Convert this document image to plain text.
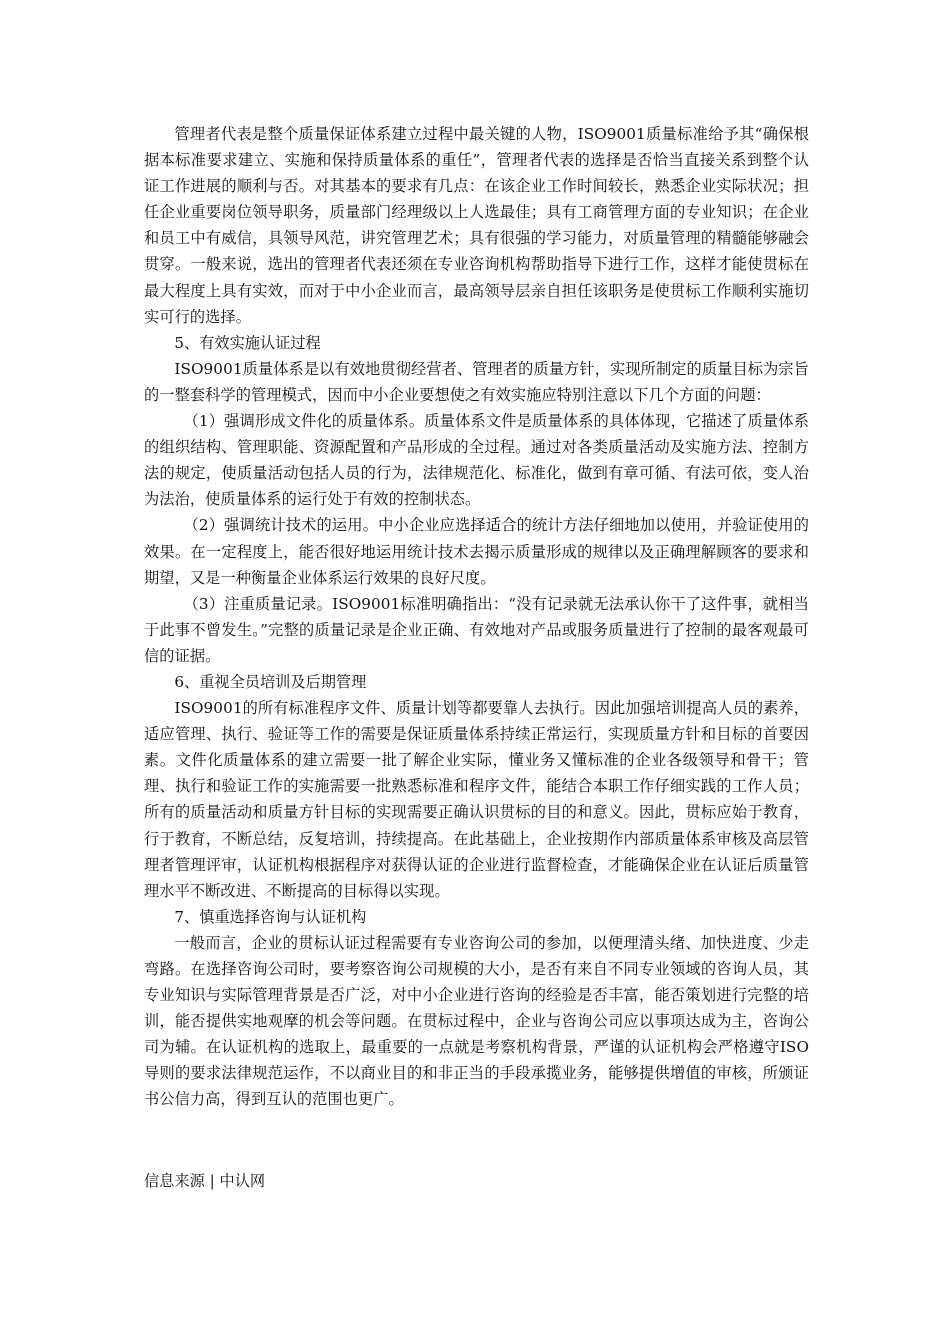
管理者代表是整个质量保证体系建立过程中最关键的人物，ISO9001质量标准给予其“确保根据本标准要求建立、实施和保持质量体系的重任”，管理者代表的选择是否恰当直接关系到整个认证工作进展的顺利与否。对其基本的要求有几点：在该企业工作时间较长，熟悉企业实际状况；担任企业重要岗位领导职务，质量部门经理级以上人选最佳；具有工商管理方面的专业知识；在企业和员工中有威信，具领导风范，讲究管理艺术；具有很强的学习能力，对质量管理的精髓能够融会贯穿。一般来说，选出的管理者代表还须在专业咨询机构帮助指导下进行工作，这样才能使贯标在最大程度上具有实效，而对于中小企业而言，最高领导层亲自担任该职务是使贯标工作顺利实施切实可行的选择。

5、有效实施认证过程

ISO9001质量体系是以有效地贯彻经营者、管理者的质量方针，实现所制定的质量目标为宗旨的一整套科学的管理模式，因而中小企业要想使之有效实施应特别注意以下几个方面的问题：

（1）强调形成文件化的质量体系。质量体系文件是质量体系的具体体现，它描述了质量体系的组织结构、管理职能、资源配置和产品形成的全过程。通过对各类质量活动及实施方法、控制方法的规定，使质量活动包括人员的行为，法律规范化、标准化，做到有章可循、有法可依，变人治为法治，使质量体系的运行处于有效的控制状态。

（2）强调统计技术的运用。中小企业应选择适合的统计方法仔细地加以使用，并验证使用的效果。在一定程度上，能否很好地运用统计技术去揭示质量形成的规律以及正确理解顾客的要求和期望，又是一种衡量企业体系运行效果的良好尺度。

（3）注重质量记录。ISO9001标准明确指出：“没有记录就无法承认你干了这件事，就相当于此事不曾发生。”完整的质量记录是企业正确、有效地对产品或服务质量进行了控制的最客观最可信的证据。

6、重视全员培训及后期管理

ISO9001的所有标准程序文件、质量计划等都要靠人去执行。因此加强培训提高人员的素养，适应管理、执行、验证等工作的需要是保证质量体系持续正常运行，实现质量方针和目标的首要因素。文件化质量体系的建立需要一批了解企业实际，懂业务又懂标准的企业各级领导和骨干；管理、执行和验证工作的实施需要一批熟悉标准和程序文件，能结合本职工作仔细实践的工作人员；所有的质量活动和质量方针目标的实现需要正确认识贯标的目的和意义。因此，贯标应始于教育，行于教育，不断总结，反复培训，持续提高。在此基础上，企业按期作内部质量体系审核及高层管理者管理评审，认证机构根据程序对获得认证的企业进行监督检查，才能确保企业在认证后质量管理水平不断改进、不断提高的目标得以实现。

7、慎重选择咨询与认证机构

一般而言，企业的贯标认证过程需要有专业咨询公司的参加，以便理清头绪、加快进度、少走弯路。在选择咨询公司时，要考察咨询公司规模的大小，是否有来自不同专业领域的咨询人员，其专业知识与实际管理背景是否广泛，对中小企业进行咨询的经验是否丰富，能否策划进行完整的培训，能否提供实地观摩的机会等问题。在贯标过程中，企业与咨询公司应以事项达成为主，咨询公司为辅。在认证机构的选取上，最重要的一点就是考察机构背景，严谨的认证机构会严格遵守ISO导则的要求法律规范运作，不以商业目的和非正当的手段承揽业务，能够提供增值的审核，所颁证书公信力高，得到互认的范围也更广。

信息来源 | 中认网
